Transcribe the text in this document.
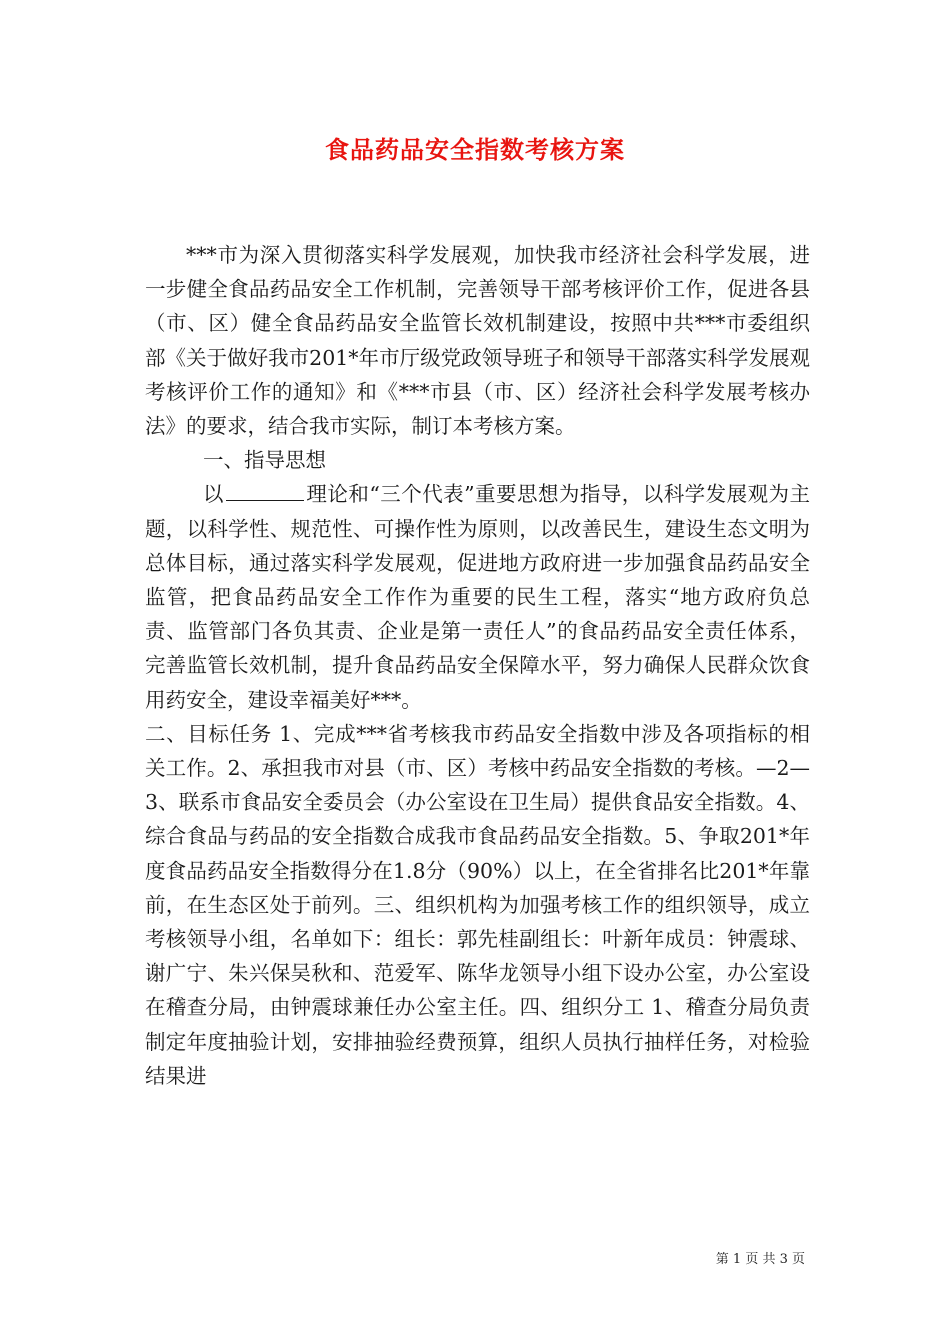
食品药品安全指数考核方案

***市为深入贯彻落实科学发展观，加快我市经济社会科学发展，进一步健全食品药品安全工作机制，完善领导干部考核评价工作，促进各县（市、区）健全食品药品安全监管长效机制建设，按照中共***市委组织部《关于做好我市201*年市厅级党政领导班子和领导干部落实科学发展观考核评价工作的通知》和《***市县（市、区）经济社会科学发展考核办法》的要求，结合我市实际，制订本考核方案。

一、指导思想

以	理论和“三个代表”重要思想为指导，以科学发展观为主题，以科学性、规范性、可操作性为原则，以改善民生，建设生态文明为总体目标，通过落实科学发展观，促进地方政府进一步加强食品药品安全监管，把食品药品安全工作作为重要的民生工程，落实“地方政府负总责、监管部门各负其责、企业是第一责任人”的食品药品安全责任体系，完善监管长效机制，提升食品药品安全保障水平，努力确保人民群众饮食用药安全，建设幸福美好***。

二、目标任务 1、完成***省考核我市药品安全指数中涉及各项指标的相关工作。2、承担我市对县（市、区）考核中药品安全指数的考核。—2—3、联系市食品安全委员会（办公室设在卫生局）提供食品安全指数。4、综合食品与药品的安全指数合成我市食品药品安全指数。5、争取201*年度食品药品安全指数得分在1.8分（90%）以上，在全省排名比201*年靠前，在生态区处于前列。三、组织机构为加强考核工作的组织领导，成立考核领导小组，名单如下：组长：郭先桂副组长：叶新年成员：钟震球、谢广宁、朱兴保吴秋和、范爱军、陈华龙领导小组下设办公室，办公室设在稽查分局，由钟震球兼任办公室主任。四、组织分工 1、稽查分局负责制定年度抽验计划，安排抽验经费预算，组织人员执行抽样任务，对检验结果进

第 1 页 共 3 页
